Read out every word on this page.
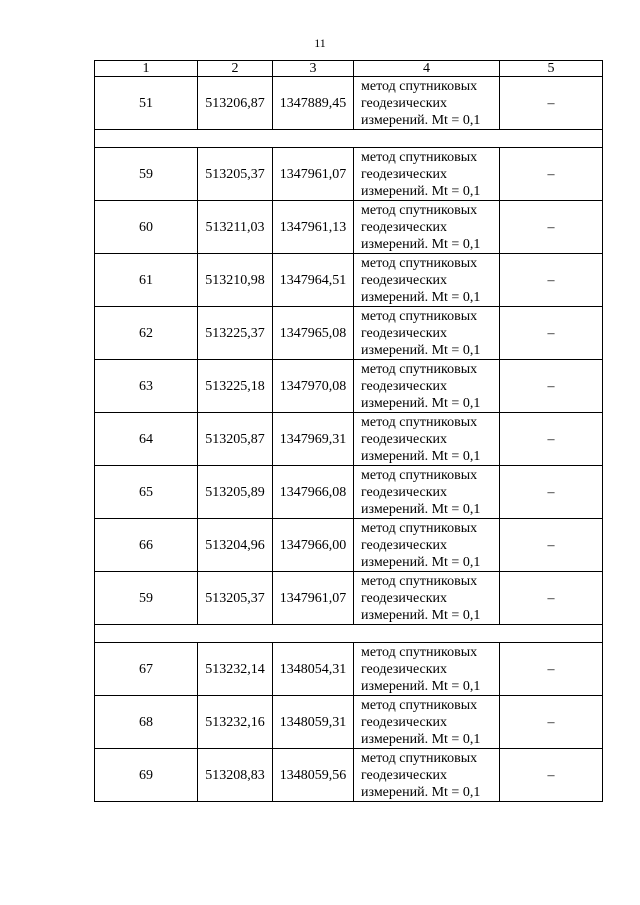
11
1	2	3	4	5
51	513206,87	1347889,45	метод спутниковых
геодезических
измерений. Mt = 0,1	–

59	513205,37	1347961,07	метод спутниковых
геодезических
измерений. Mt = 0,1	–
60	513211,03	1347961,13	метод спутниковых
геодезических
измерений. Mt = 0,1	–
61	513210,98	1347964,51	метод спутниковых
геодезических
измерений. Mt = 0,1	–
62	513225,37	1347965,08	метод спутниковых
геодезических
измерений. Mt = 0,1	–
63	513225,18	1347970,08	метод спутниковых
геодезических
измерений. Mt = 0,1	–
64	513205,87	1347969,31	метод спутниковых
геодезических
измерений. Mt = 0,1	–
65	513205,89	1347966,08	метод спутниковых
геодезических
измерений. Mt = 0,1	–
66	513204,96	1347966,00	метод спутниковых
геодезических
измерений. Mt = 0,1	–
59	513205,37	1347961,07	метод спутниковых
геодезических
измерений. Mt = 0,1	–

67	513232,14	1348054,31	метод спутниковых
геодезических
измерений. Mt = 0,1	–
68	513232,16	1348059,31	метод спутниковых
геодезических
измерений. Mt = 0,1	–
69	513208,83	1348059,56	метод спутниковых
геодезических
измерений. Mt = 0,1	–
